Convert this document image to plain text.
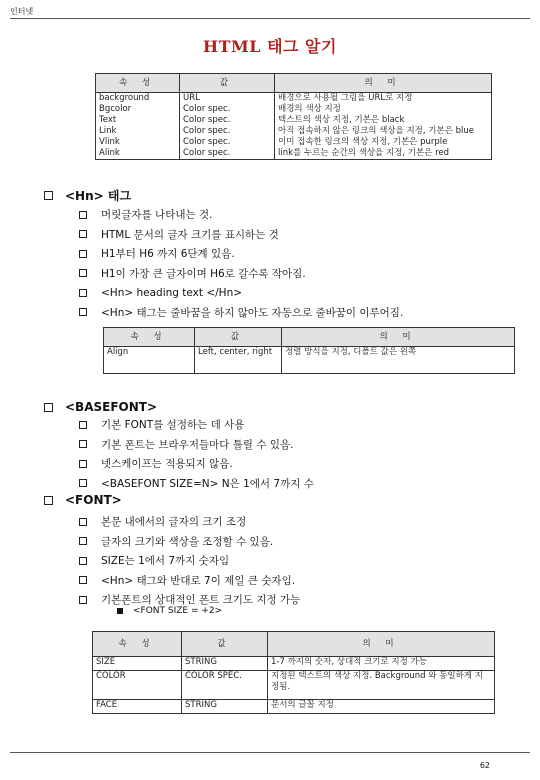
인터넷
HTML 태그 알기
속 성	값	의 미
background	URL	배경으로 사용될 그림을 URL로 지정
Bgcolor	Color spec.	배경의 색상 지정
Text	Color spec.	텍스트의 색상 지정, 기본은 black
Link	Color spec.	아직 접속하지 않은 링크의 색상을 지정, 기본은 blue
Vlink	Color spec.	이미 접속한 링크의 색상 지정, 기본은 purple
Alink	Color spec.	link를 누르는 순간의 색상을 지정, 기본은 red
<Hn> 태그
머릿글자를 나타내는 것.
HTML 문서의 글자 크기를 표시하는 것
H1부터 H6 까지 6단계 있음.
H1이 가장 큰 글자이며 H6로 갈수록 작아짐.
<Hn> heading text </Hn>
<Hn> 태그는 줄바꿈을 하지 않아도 자동으로 줄바꿈이 이루어짐.
속 성	값	의 미
Align	Left, center, right	정렬 방식을 지정, 디폴트 값은 왼쪽
<BASEFONT>
기본 FONT를 설정하는 데 사용
기본 폰트는 브라우저들마다 틀릴 수 있음.
넷스케이프는 적용되지 않음.
<BASEFONT SIZE=N> N은 1에서 7까지 수
<FONT>
본문 내에서의 글자의 크기 조정
글자의 크기와 색상을 조정할 수 있음.
SIZE는 1에서 7까지 숫자임
<Hn> 태그와 반대로 7이 제일 큰 숫자임.
기본폰트의 상대적인 폰트 크기도 지정 가능
<FONT SIZE = +2>
속 성	값	의 미
SIZE	STRING	1-7 까지의 숫자, 상대적 크기로 지정 가능
COLOR	COLOR SPEC.	지정된 텍스트의 색상 지정. Background 와 동일하게 지정됨.
FACE	STRING	문서의 글꼴 지정
62
